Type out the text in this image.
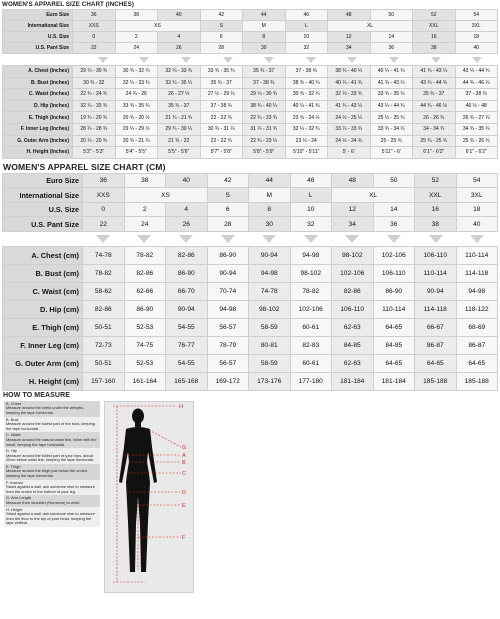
WOMEN'S APPAREL SIZE CHART (INCHES)
Euro Size	36	38	40	42	44	46	48	50	52	54
International Size	XXS	XS		S	M	L	XL		XXL	3XL
U.S. Size	0	2	4	6	8	10	12	14	16	18
U.S. Pant Size	22	24	26	28	30	32	34	36	38	40
A. Chest (Inches)	29 ¼ - 30 ¾	30 ¾ - 32 ¼	32 ¼ - 33 ¾	33 ¾ - 35 ¾	35 ¾ - 37	37 - 38 ¾	38 ¾ - 40 ¼	40 ¼ - 41 ¾	41 ¾ - 43 ¼	43 ¼ - 44 ¾
B. Bust (Inches)	30 ¾ - 32	32 ¼ - 33 ¾	33 ¾ - 35 ¼	35 ¾ - 37	37 - 38 ¾	38 ¾ - 40 ¼	40 ¼ - 41 ¾	41 ¾ - 43 ¼	43 ¼ - 44 ¾	44 ¾ - 46 ¼
C. Waist (Inches)	22 ¾ - 24 ¾	24 ¾ - 26	26 - 27 ½	27 ½ - 29 ¼	29 ¼ - 30 ¾	30 ¾ - 32 ¼	32 ¼ - 33 ¾	33 ¾ - 35 ¼	35 ¾ - 37	37 - 38 ¾
D. Hip (Inches)	32 ¼ - 33 ¾	33 ¾ - 35 ¾	35 ¾ - 37	37 - 38 ¾	38 ¾ - 40 ¼	40 ¼ - 41 ¾	41 ¾ - 43 ¼	43 ¼ - 44 ¾	44 ¾ - 46 ½	46 ½ - 48
E. Thigh (Inches)	19 ¾ - 20 ¾	20 ¾ - 20 ½	21 ¾ - 21 ¾	22 - 22 ¾	22 ¾ - 23 ¾	23 ¾ - 24 ½	24 ½ - 25 ¼	25 ½ - 25 ¾	26 - 26 ¾	26 ¾ - 27 ¼
F. Inner Leg (Inches)	28 ¼ - 28 ¾	29 ¼ - 29 ½	29 ¾ - 30 ¼	30 ¾ - 31 ¼	31 ¼ - 31 ¾	32 ¼ - 32 ¾	33 ¼ - 33 ¾	33 ¾ - 34 ¼	34 - 34 ¾	34 ¾ - 35 ¼
G. Outer Arm (Inches)	20 ¼ - 20 ¾	20 ¾ - 21 ¼	21 ¾ - 22	22 - 22 ¾	22 ¾ - 23 ¼	23 ¼ - 24	24 ½ - 24 ¾	25 - 25 ¾	25 ¾ - 25 ¾	25 ¾ - 26 ¼
H. Height (Inches)	5'2" - 5'3"	5'4" - 5'5"	5'5" - 5'6"	5'7" - 5'8"	5'8" - 5'9"	5'10" - 5'11"	5' - 6'	5'11" - 6'	6'1" - 6'2"	6'1" - 6'2"
WOMEN'S APPAREL SIZE CHART (CM)
Euro Size	36	38	40	42	44	46	48	50	52	54
International Size	XXS	XS		S	M	L	XL		XXL	3XL
U.S. Size	0	2	4	6	8	10	12	14	16	18
U.S. Pant Size	22	24	26	28	30	32	34	36	38	40
A. Chest (cm)	74-78	78-82	82-86	86-90	90-94	94-98	98-102	102-106	106-110	110-114
B. Bust (cm)	78-82	82-86	86-90	90-94	94-98	98-102	102-106	106-110	110-114	114-118
C. Waist (cm)	58-62	62-66	66-70	70-74	74-78	78-82	82-86	86-90	90-94	94-98
D. Hip (cm)	82-86	86-90	90-94	94-98	98-102	102-106	106-110	110-114	114-118	118-122
E. Thigh (cm)	50-51	52-53	54-55	56-57	58-59	60-61	62-63	64-65	66-67	68-69
F. Inner Leg (cm)	72-73	74-75	76-77	78-79	80-81	82-83	84-85	84-85	86-87	86-87
G. Outer Arm (cm)	50-51	52-53	54-55	56-57	58-59	60-61	62-63	64-65	64-65	64-65
H. Height (cm)	157-160	161-164	165-168	169-172	173-176	177-180	181-184	181-184	185-188	185-188
HOW TO MEASURE
A. Chest
Measure around the chest under the armpits, keeping the tape horizontal.
B. Bust
Measure around the fullest part of the bust, keeping the tape horizontal.
C. Waist
Measure around the natural waist line, inline with the navel, keeping the tape horizontal.
D. Hip
Measure around the fullest part of your hips, about 20cm below waist line, keeping the tape horizontal.
E. Thigh
Measure around the thigh just below the crotch, keeping the tape horizontal.
F. Inseam
Stand against a wall, ask someone else to measure from the crotch to the bottom of your leg.
G. Arm Length
Measure from shoulder (Humerus) to wrist.
H. Height
Stand against a wall, ask someone else to measure from the floor to the top of your head, keeping the tape vertical.
H
G
A
B
C
D
E
F
